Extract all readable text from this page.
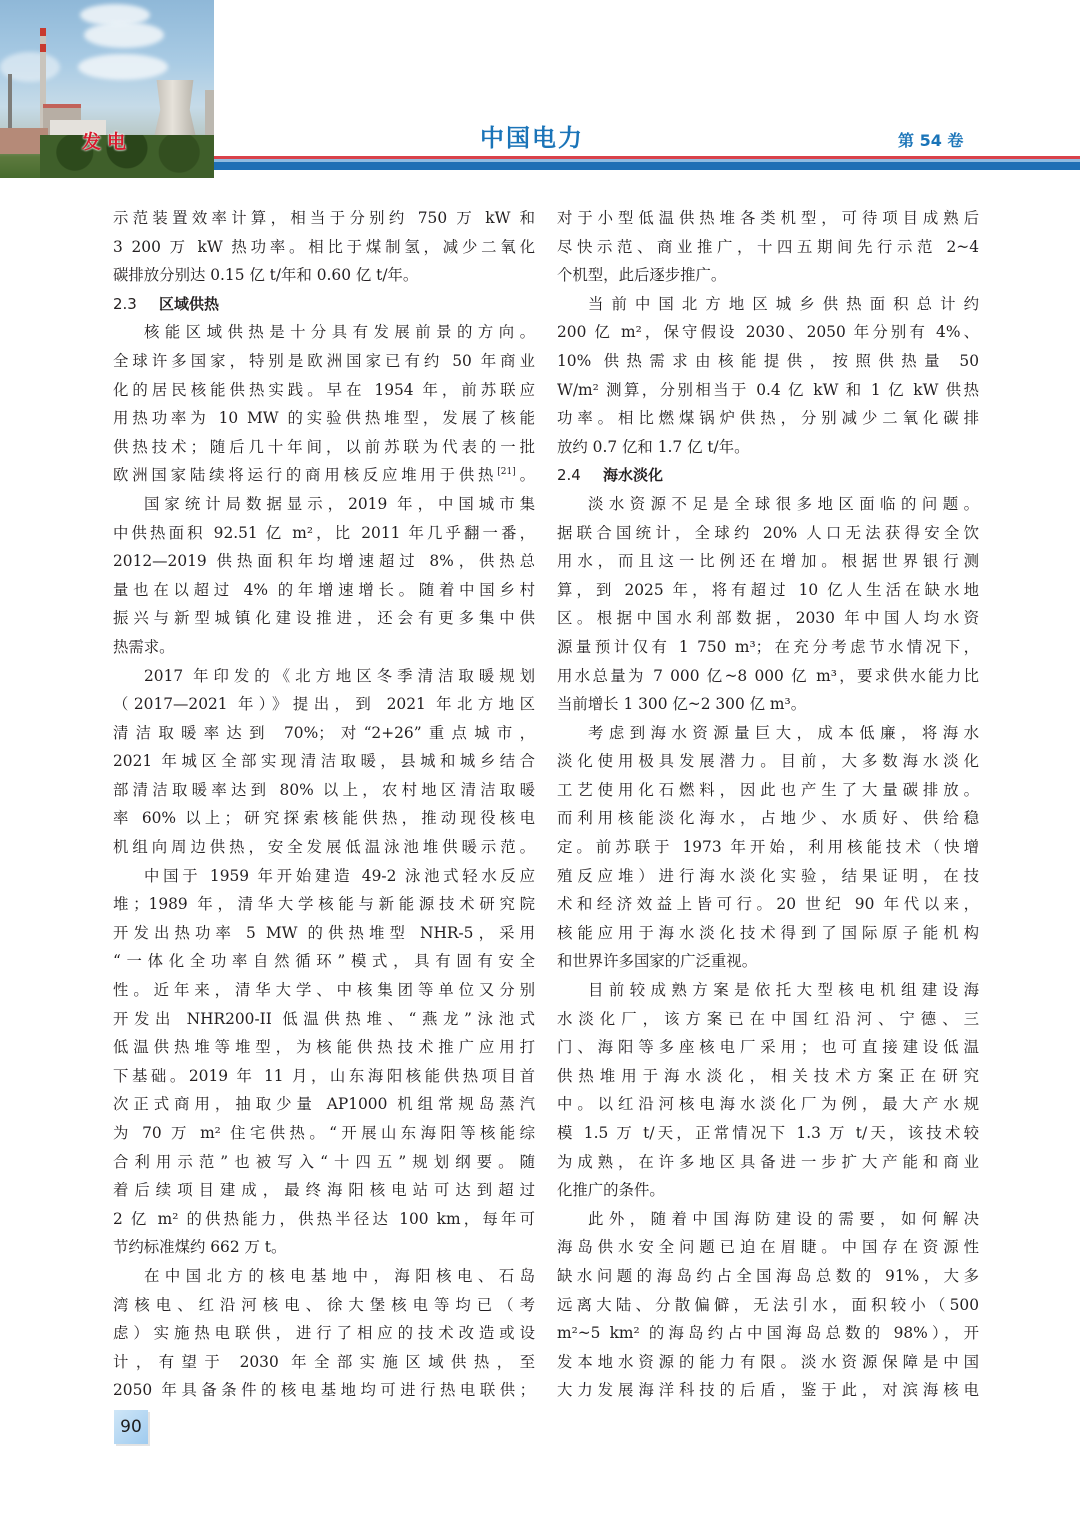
发电	中国电力	第 54 卷
示范装置效率计算，相当于分别约 750 万 kW 和
3 200 万 kW 热功率。相比于煤制氢，减少二氧化
碳排放分别达 0.15 亿 t/年和 0.60 亿 t/年。
2.3 区域供热
核能区域供热是十分具有发展前景的方向。
全球许多国家，特别是欧洲国家已有约 50 年商业
化的居民核能供热实践。早在 1954 年，前苏联应
用热功率为 10 MW 的实验供热堆型，发展了核能
供热技术；随后几十年间，以前苏联为代表的一批
欧洲国家陆续将运行的商用核反应堆用于供热[21]。
国家统计局数据显示，2019 年，中国城市集
中供热面积 92.51 亿 m²，比 2011 年几乎翻一番，
2012—2019 供热面积年均增速超过 8%，供热总
量也在以超过 4% 的年增速增长。随着中国乡村
振兴与新型城镇化建设推进，还会有更多集中供
热需求。
2017 年印发的《北方地区冬季清洁取暖规划
（2017—2021 年）》提出，到 2021 年北方地区
清洁取暖率达到 70%；对“2+26”重点城市，
2021 年城区全部实现清洁取暖，县城和城乡结合
部清洁取暖率达到 80% 以上，农村地区清洁取暖
率 60% 以上；研究探索核能供热，推动现役核电
机组向周边供热，安全发展低温泳池堆供暖示范。
中国于 1959 年开始建造 49-2 泳池式轻水反应
堆；1989 年，清华大学核能与新能源技术研究院
开发出热功率 5 MW 的供热堆型 NHR-5，采用
“一体化全功率自然循环”模式，具有固有安全
性。近年来，清华大学、中核集团等单位又分别
开发出 NHR200-II 低温供热堆、“燕龙”泳池式
低温供热堆等堆型，为核能供热技术推广应用打
下基础。2019 年 11 月，山东海阳核能供热项目首
次正式商用，抽取少量 AP1000 机组常规岛蒸汽
为 70 万 m² 住宅供热。“开展山东海阳等核能综
合利用示范”也被写入“十四五”规划纲要。随
着后续项目建成，最终海阳核电站可达到超过
2 亿 m² 的供热能力，供热半径达 100 km，每年可
节约标准煤约 662 万 t。
在中国北方的核电基地中，海阳核电、石岛
湾核电、红沿河核电、徐大堡核电等均已（考
虑）实施热电联供，进行了相应的技术改造或设
计，有望于 2030 年全部实施区域供热，至
2050 年具备条件的核电基地均可进行热电联供；
对于小型低温供热堆各类机型，可待项目成熟后
尽快示范、商业推广，十四五期间先行示范 2~4
个机型，此后逐步推广。
当前中国北方地区城乡供热面积总计约
200 亿 m²，保守假设 2030、2050 年分别有 4%、
10% 供热需求由核能提供，按照供热量 50
W/m² 测算，分别相当于 0.4 亿 kW 和 1 亿 kW 供热
功率。相比燃煤锅炉供热，分别减少二氧化碳排
放约 0.7 亿和 1.7 亿 t/年。
2.4 海水淡化
淡水资源不足是全球很多地区面临的问题。
据联合国统计，全球约 20% 人口无法获得安全饮
用水，而且这一比例还在增加。根据世界银行测
算，到 2025 年，将有超过 10 亿人生活在缺水地
区。根据中国水利部数据，2030 年中国人均水资
源量预计仅有 1 750 m³；在充分考虑节水情况下，
用水总量为 7 000 亿~8 000 亿 m³，要求供水能力比
当前增长 1 300 亿~2 300 亿 m³。
考虑到海水资源量巨大，成本低廉，将海水
淡化使用极具发展潜力。目前，大多数海水淡化
工艺使用化石燃料，因此也产生了大量碳排放。
而利用核能淡化海水，占地少、水质好、供给稳
定。前苏联于 1973 年开始，利用核能技术（快增
殖反应堆）进行海水淡化实验，结果证明，在技
术和经济效益上皆可行。20 世纪 90 年代以来，
核能应用于海水淡化技术得到了国际原子能机构
和世界许多国家的广泛重视。
目前较成熟方案是依托大型核电机组建设海
水淡化厂，该方案已在中国红沿河、宁德、三
门、海阳等多座核电厂采用；也可直接建设低温
供热堆用于海水淡化，相关技术方案正在研究
中。以红沿河核电海水淡化厂为例，最大产水规
模 1.5 万 t/天，正常情况下 1.3 万 t/天，该技术较
为成熟，在许多地区具备进一步扩大产能和商业
化推广的条件。
此外，随着中国海防建设的需要，如何解决
海岛供水安全问题已迫在眉睫。中国存在资源性
缺水问题的海岛约占全国海岛总数的 91%，大多
远离大陆、分散偏僻，无法引水，面积较小（500
m²~5 km² 的海岛约占中国海岛总数的 98%），开
发本地水资源的能力有限。淡水资源保障是中国
大力发展海洋科技的后盾，鉴于此，对滨海核电
90
